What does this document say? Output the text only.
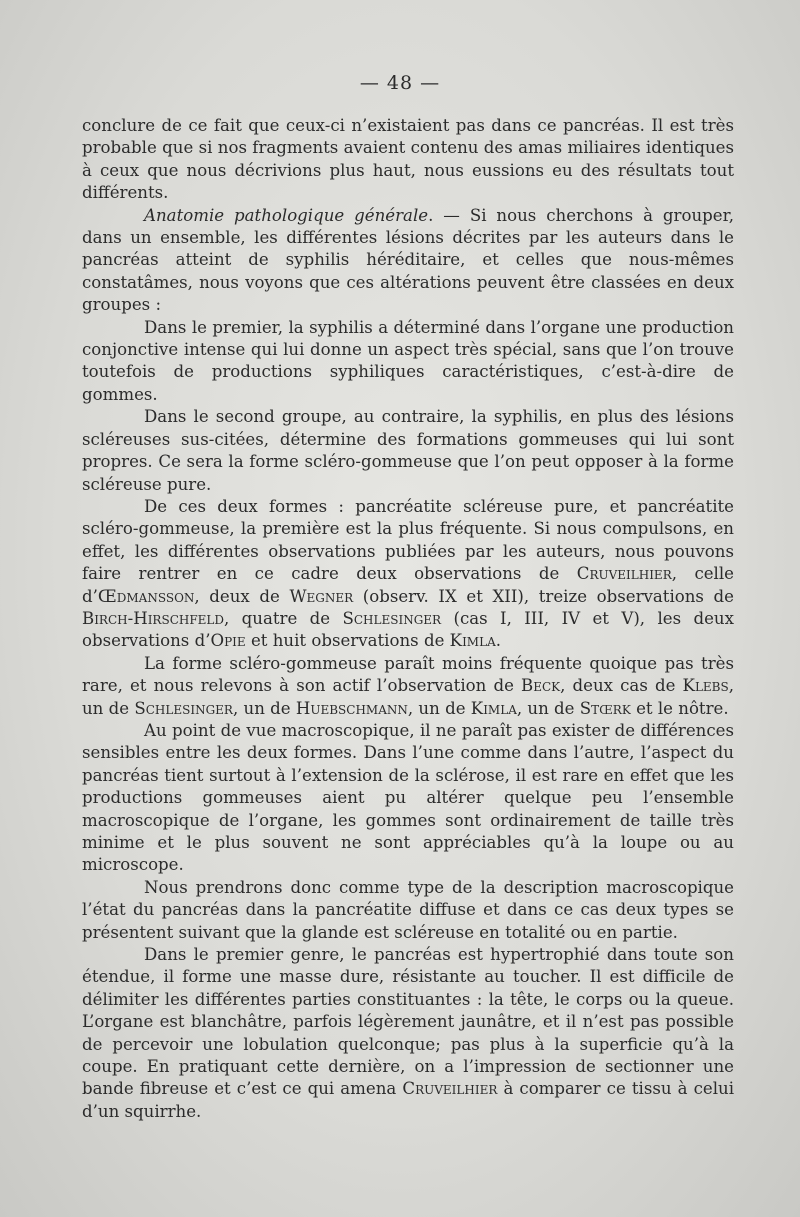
— 48 —

conclure de ce fait que ceux-ci n’existaient pas dans ce pancréas. Il est très probable que si nos fragments avaient contenu des amas miliaires identiques à ceux que nous décrivions plus haut, nous eussions eu des résultats tout différents.

Anatomie pathologique générale. — Si nous cherchons à grouper, dans un ensemble, les différentes lésions décrites par les auteurs dans le pancréas atteint de syphilis héréditaire, et celles que nous-mêmes constatâmes, nous voyons que ces altérations peuvent être classées en deux groupes :

Dans le premier, la syphilis a déterminé dans l’organe une production conjonctive intense qui lui donne un aspect très spécial, sans que l’on trouve toutefois de productions syphiliques caractéristiques, c’est-à-dire de gommes.

Dans le second groupe, au contraire, la syphilis, en plus des lésions scléreuses sus-citées, détermine des formations gommeuses qui lui sont propres. Ce sera la forme scléro-gommeuse que l’on peut opposer à la forme scléreuse pure.

De ces deux formes : pancréatite scléreuse pure, et pancréatite scléro-gommeuse, la première est la plus fréquente. Si nous compulsons, en effet, les différentes observations publiées par les auteurs, nous pouvons faire rentrer en ce cadre deux observations de Cruveilhier, celle d’Œdmansson, deux de Wegner (observ. IX et XII), treize observations de Birch-Hirschfeld, quatre de Schlesinger (cas I, III, IV et V), les deux observations d’Opie et huit observations de Kimla.

La forme scléro-gommeuse paraît moins fréquente quoique pas très rare, et nous relevons à son actif l’observation de Beck, deux cas de Klebs, un de Schlesinger, un de Huebschmann, un de Kimla, un de Stœrk et le nôtre.

Au point de vue macroscopique, il ne paraît pas exister de différences sensibles entre les deux formes. Dans l’une comme dans l’autre, l’aspect du pancréas tient surtout à l’extension de la sclérose, il est rare en effet que les productions gommeuses aient pu altérer quelque peu l’ensemble macroscopique de l’organe, les gommes sont ordinairement de taille très minime et le plus souvent ne sont appréciables qu’à la loupe ou au microscope.

Nous prendrons donc comme type de la description macroscopique l’état du pancréas dans la pancréatite diffuse et dans ce cas deux types se présentent suivant que la glande est scléreuse en totalité ou en partie.

Dans le premier genre, le pancréas est hypertrophié dans toute son étendue, il forme une masse dure, résistante au toucher. Il est difficile de délimiter les différentes parties constituantes : la tête, le corps ou la queue. L’organe est blanchâtre, parfois légèrement jaunâtre, et il n’est pas possible de percevoir une lobulation quelconque; pas plus à la superficie qu’à la coupe. En pratiquant cette dernière, on a l’impression de sectionner une bande fibreuse et c’est ce qui amena Cruveilhier à comparer ce tissu à celui d’un squirrhe.
